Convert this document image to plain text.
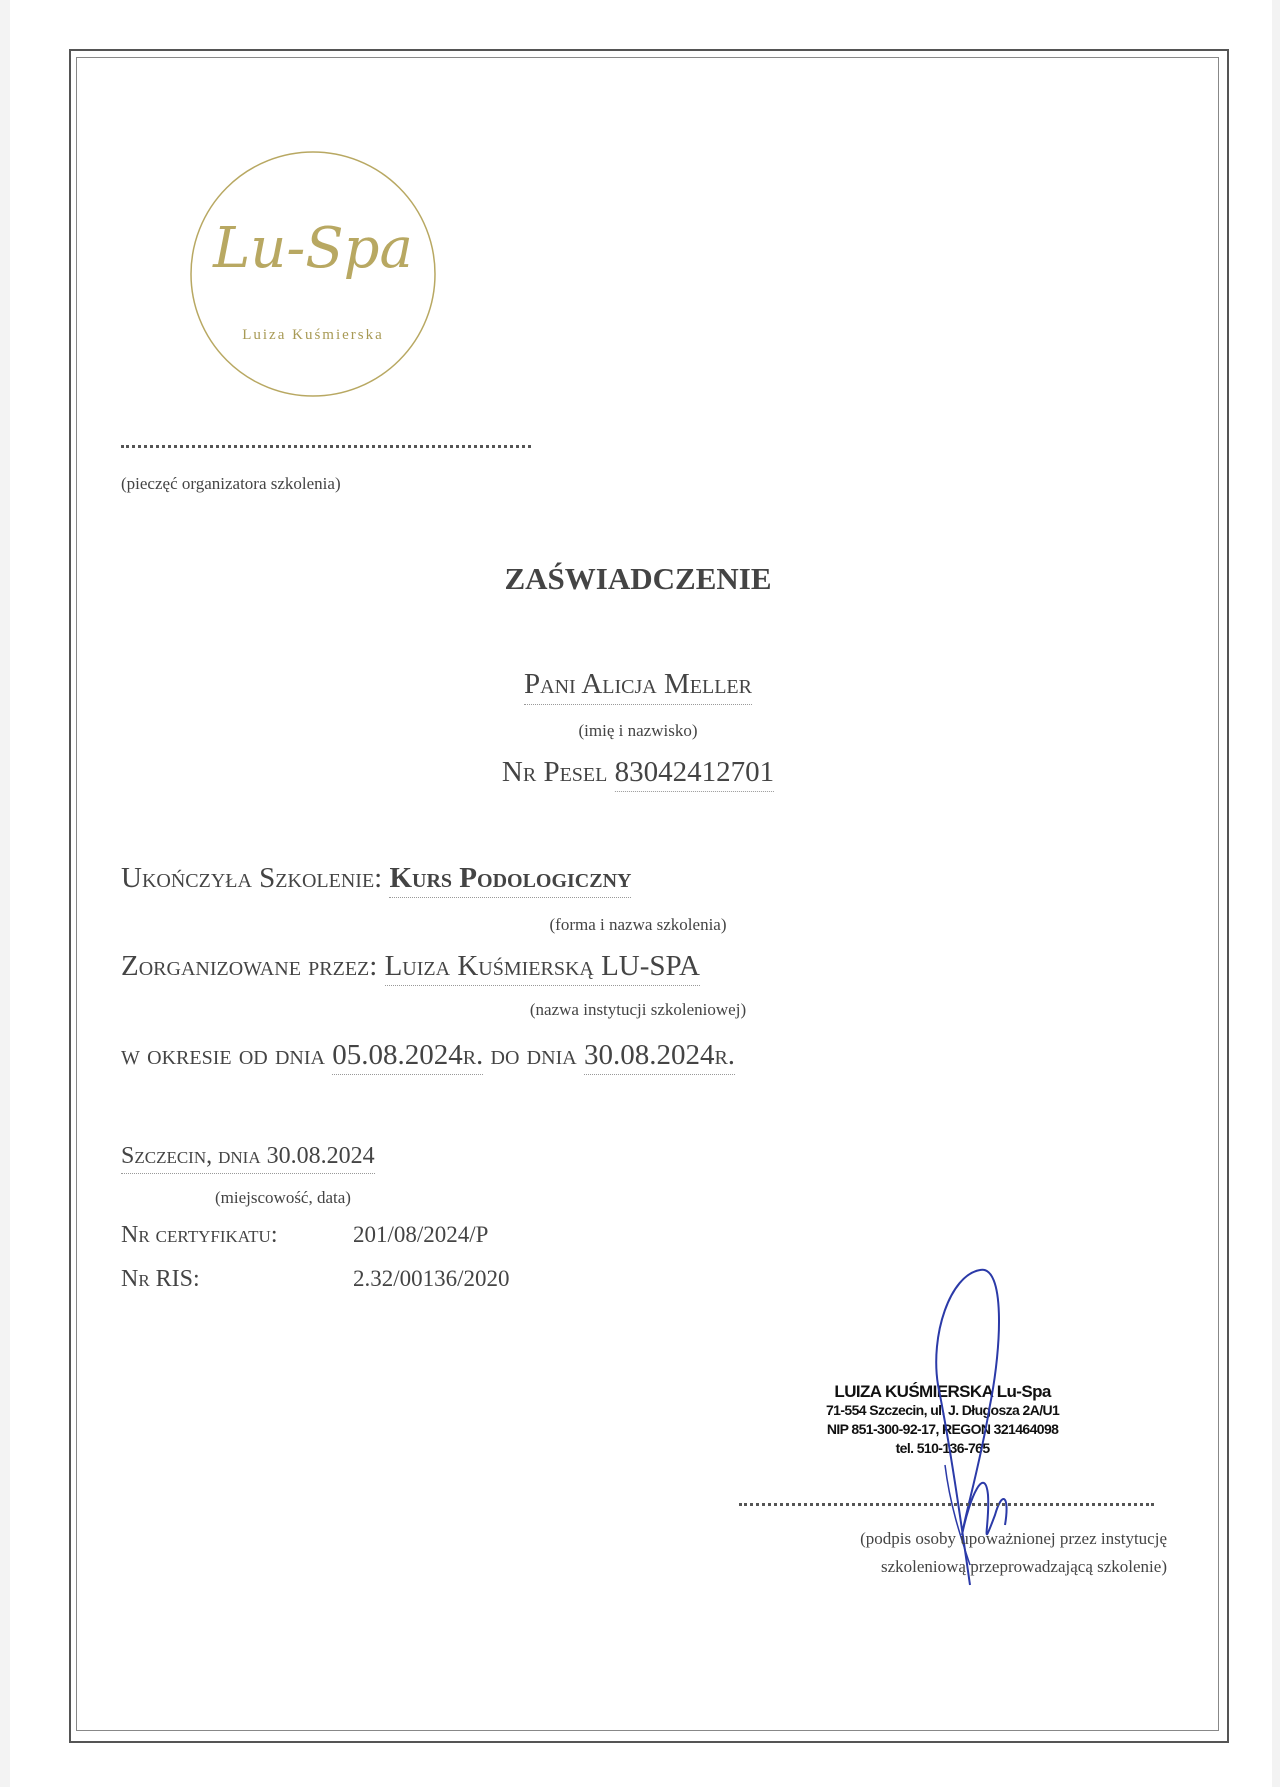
Lu-Spa
Luiza Kuśmierska
(pieczęć organizatora szkolenia)
ZAŚWIADCZENIE
Pani Alicja Meller
(imię i nazwisko)
Nr Pesel 83042412701
Ukończyła Szkolenie: Kurs Podologiczny
(forma i nazwa szkolenia)
Zorganizowane przez: Luiza Kuśmierską LU-SPA
(nazwa instytucji szkoleniowej)
w okresie od dnia 05.08.2024r. do dnia 30.08.2024r.
Szczecin, dnia 30.08.2024
(miejscowość, data)
Nr certyfikatu:	201/08/2024/P
Nr RIS:	2.32/00136/2020
LUIZA KUŚMIERSKA Lu-Spa
71-554 Szczecin, ul. J. Długosza 2A/U1
NIP 851-300-92-17, REGON 321464098
tel. 510-136-765
(podpis osoby upoważnionej przez instytucję
szkoleniową przeprowadzającą szkolenie)
